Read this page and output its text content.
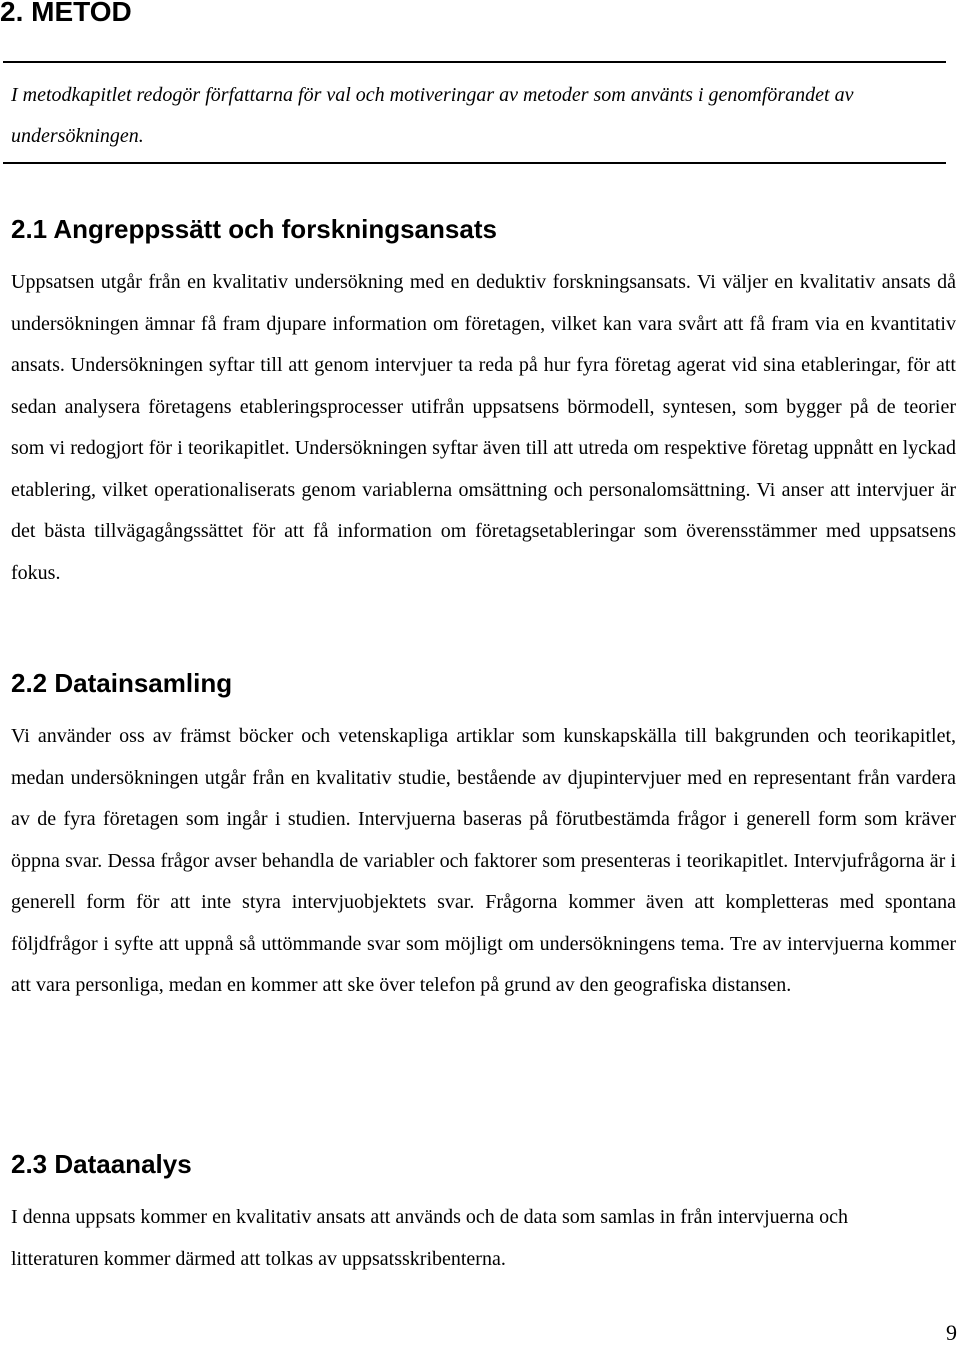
2. METOD

I metodkapitlet redogör författarna för val och motiveringar av metoder som använts i genomförandet av undersökningen.

2.1 Angreppssätt och forskningsansats

Uppsatsen utgår från en kvalitativ undersökning med en deduktiv forskningsansats. Vi väljer en kvalitativ ansats då undersökningen ämnar få fram djupare information om företagen, vilket kan vara svårt att få fram via en kvantitativ ansats. Undersökningen syftar till att genom intervjuer ta reda på hur fyra företag agerat vid sina etableringar, för att sedan analysera företagens etableringsprocesser utifrån uppsatsens börmodell, syntesen, som bygger på de teorier som vi redogjort för i teorikapitlet. Undersökningen syftar även till att utreda om respektive företag uppnått en lyckad etablering, vilket operationaliserats genom variablerna omsättning och personalomsättning. Vi anser att intervjuer är det bästa tillvägagångssättet för att få information om företagsetableringar som överensstämmer med uppsatsens fokus.

2.2 Datainsamling

Vi använder oss av främst böcker och vetenskapliga artiklar som kunskapskälla till bakgrunden och teorikapitlet, medan undersökningen utgår från en kvalitativ studie, bestående av djupintervjuer med en representant från vardera av de fyra företagen som ingår i studien. Intervjuerna baseras på förutbestämda frågor i generell form som kräver öppna svar. Dessa frågor avser behandla de variabler och faktorer som presenteras i teorikapitlet. Intervjufrågorna är i generell form för att inte styra intervjuobjektets svar. Frågorna kommer även att kompletteras med spontana följdfrågor i syfte att uppnå så uttömmande svar som möjligt om undersökningens tema. Tre av intervjuerna kommer att vara personliga, medan en kommer att ske över telefon på grund av den geografiska distansen.

2.3 Dataanalys

I denna uppsats kommer en kvalitativ ansats att används och de data som samlas in från intervjuerna och litteraturen kommer därmed att tolkas av uppsatsskribenterna.

9
